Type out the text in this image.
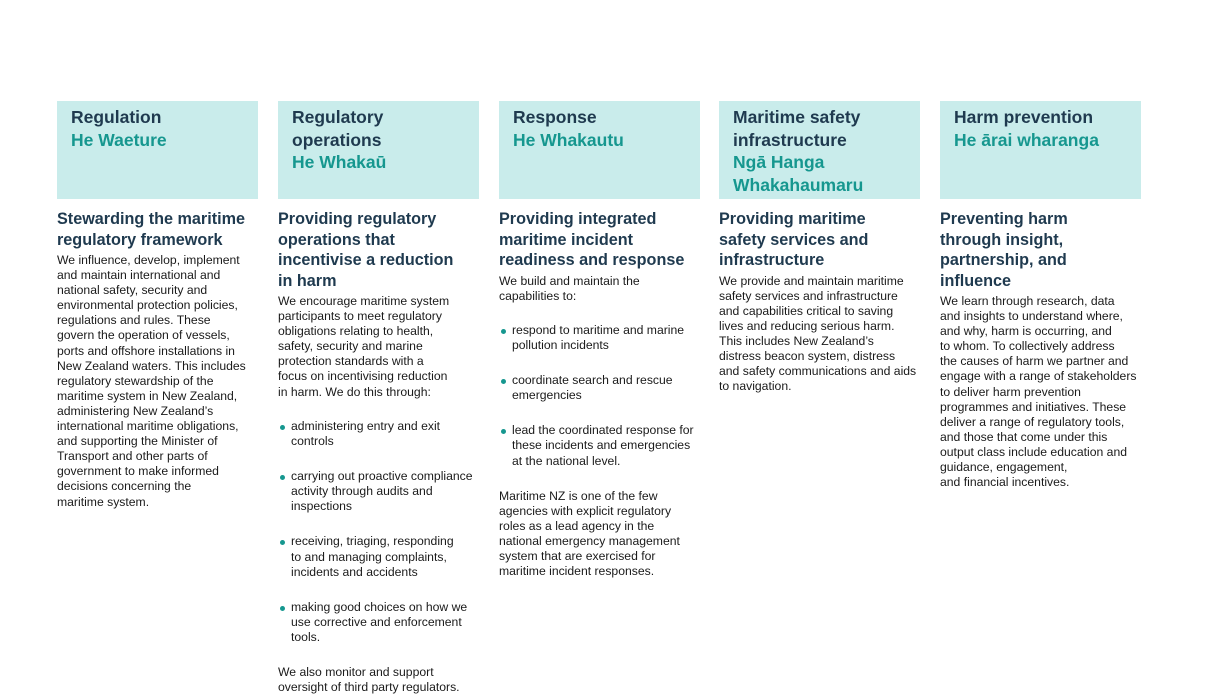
Regulation
He Waeture
Stewarding the maritime
regulatory framework
We influence, develop, implement
and maintain international and
national safety, security and
environmental protection policies,
regulations and rules. These
govern the operation of vessels,
ports and offshore installations in
New Zealand waters. This includes
regulatory stewardship of the
maritime system in New Zealand,
administering New Zealand’s
international maritime obligations,
and supporting the Minister of
Transport and other parts of
government to make informed
decisions concerning the
maritime system.
Regulatory
operations
He Whakaū
Providing regulatory
operations that
incentivise a reduction
in harm
We encourage maritime system
participants to meet regulatory
obligations relating to health,
safety, security and marine
protection standards with a
focus on incentivising reduction
in harm. We do this through:

administering entry and exit
controls

carrying out proactive compliance
activity through audits and
inspections

receiving, triaging, responding
to and managing complaints,
incidents and accidents

making good choices on how we
use corrective and enforcement
tools.

We also monitor and support
oversight of third party regulators.
Response
He Whakautu
Providing integrated
maritime incident
readiness and response
We build and maintain the
capabilities to:

respond to maritime and marine
pollution incidents

coordinate search and rescue
emergencies

lead the coordinated response for
these incidents and emergencies
at the national level.

Maritime NZ is one of the few
agencies with explicit regulatory
roles as a lead agency in the
national emergency management
system that are exercised for
maritime incident responses.
Maritime safety
infrastructure
Ngā Hanga
Whakahaumaru
Providing maritime
safety services and
infrastructure
We provide and maintain maritime
safety services and infrastructure
and capabilities critical to saving
lives and reducing serious harm.
This includes New Zealand’s
distress beacon system, distress
and safety communications and aids
to navigation.
Harm prevention
He ārai wharanga
Preventing harm
through insight,
partnership, and
influence
We learn through research, data
and insights to understand where,
and why, harm is occurring, and
to whom. To collectively address
the causes of harm we partner and
engage with a range of stakeholders
to deliver harm prevention
programmes and initiatives. These
deliver a range of regulatory tools,
and those that come under this
output class include education and
guidance, engagement,
and financial incentives.
